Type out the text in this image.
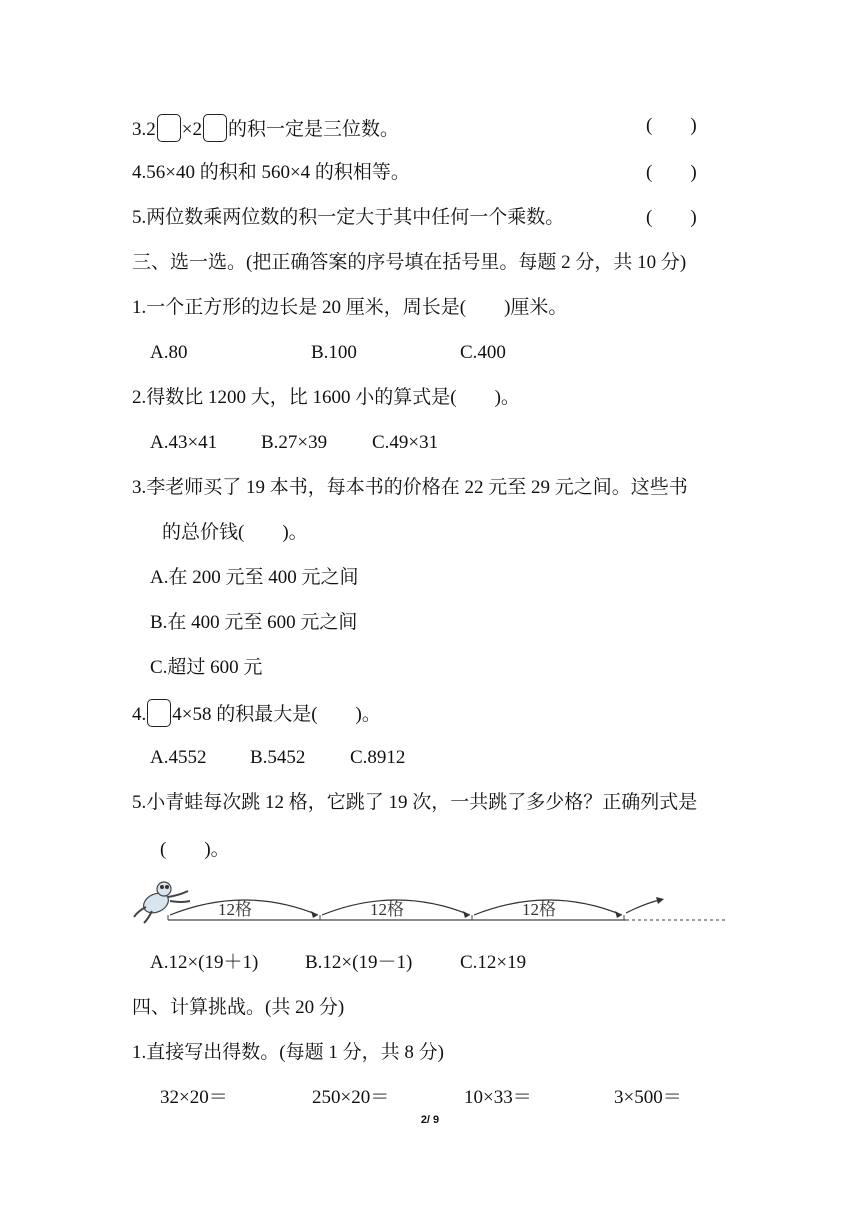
3.2 ×2 的积一定是三位数。	(　　)
4.56×40 的积和 560×4 的积相等。	(　　)
5.两位数乘两位数的积一定大于其中任何一个乘数。	(　　)
三、选一选。(把正确答案的序号填在括号里。每题 2 分，共 10 分)
1.一个正方形的边长是 20 厘米，周长是(　　)厘米。
A.80	B.100	C.400
2.得数比 1200 大，比 1600 小的算式是(　　)。
A.43×41 B.27×39 C.49×31
3.李老师买了 19 本书，每本书的价格在 22 元至 29 元之间。这些书
的总价钱(　　)。
A.在 200 元至 400 元之间
B.在 400 元至 600 元之间
C.超过 600 元
4. 4×58 的积最大是(　　)。
A.4552 B.5452 C.8912
5.小青蛙每次跳 12 格，它跳了 19 次，一共跳了多少格？正确列式是
(　　)。
12格	12格	12格
A.12×(19＋1) B.12×(19－1)	C.12×19
四、计算挑战。(共 20 分)
1.直接写出得数。(每题 1 分，共 8 分)
32×20＝	250×20＝	10×33＝	3×500＝
2/ 9
